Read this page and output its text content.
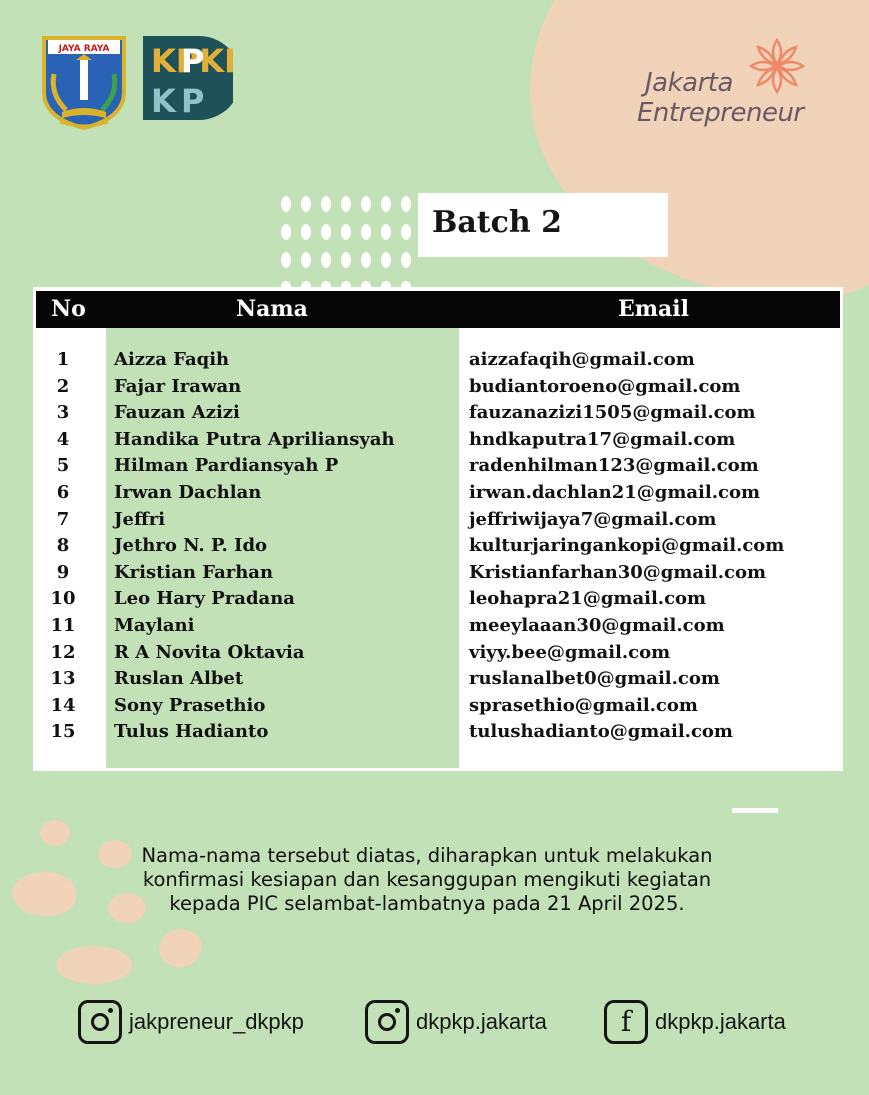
JAYA RAYA KPK
K P
K P	Jakarta
Entrepreneur
Batch 2
No	Nama	Email
1	Aizza Faqih	aizzafaqih@gmail.com
2	Fajar Irawan	budiantoroeno@gmail.com
3	Fauzan Azizi	fauzanazizi1505@gmail.com
4	Handika Putra Apriliansyah	hndkaputra17@gmail.com
5	Hilman Pardiansyah P	radenhilman123@gmail.com
6	Irwan Dachlan	irwan.dachlan21@gmail.com
7	Jeffri	jeffriwijaya7@gmail.com
8	Jethro N. P. Ido	kulturjaringankopi@gmail.com
9	Kristian Farhan	Kristianfarhan30@gmail.com
10	Leo Hary Pradana	leohapra21@gmail.com
11	Maylani	meeylaaan30@gmail.com
12	R A Novita Oktavia	viyy.bee@gmail.com
13	Ruslan Albet	ruslanalbet0@gmail.com
14	Sony Prasethio	sprasethio@gmail.com
15	Tulus Hadianto	tulushadianto@gmail.com
Nama-nama tersebut diatas, diharapkan untuk melakukan
konfirmasi kesiapan dan kesanggupan mengikuti kegiatan
kepada PIC selambat-lambatnya pada 21 April 2025.
jakpreneur_dkpkp	dkpkp.jakarta	f	dkpkp.jakarta
